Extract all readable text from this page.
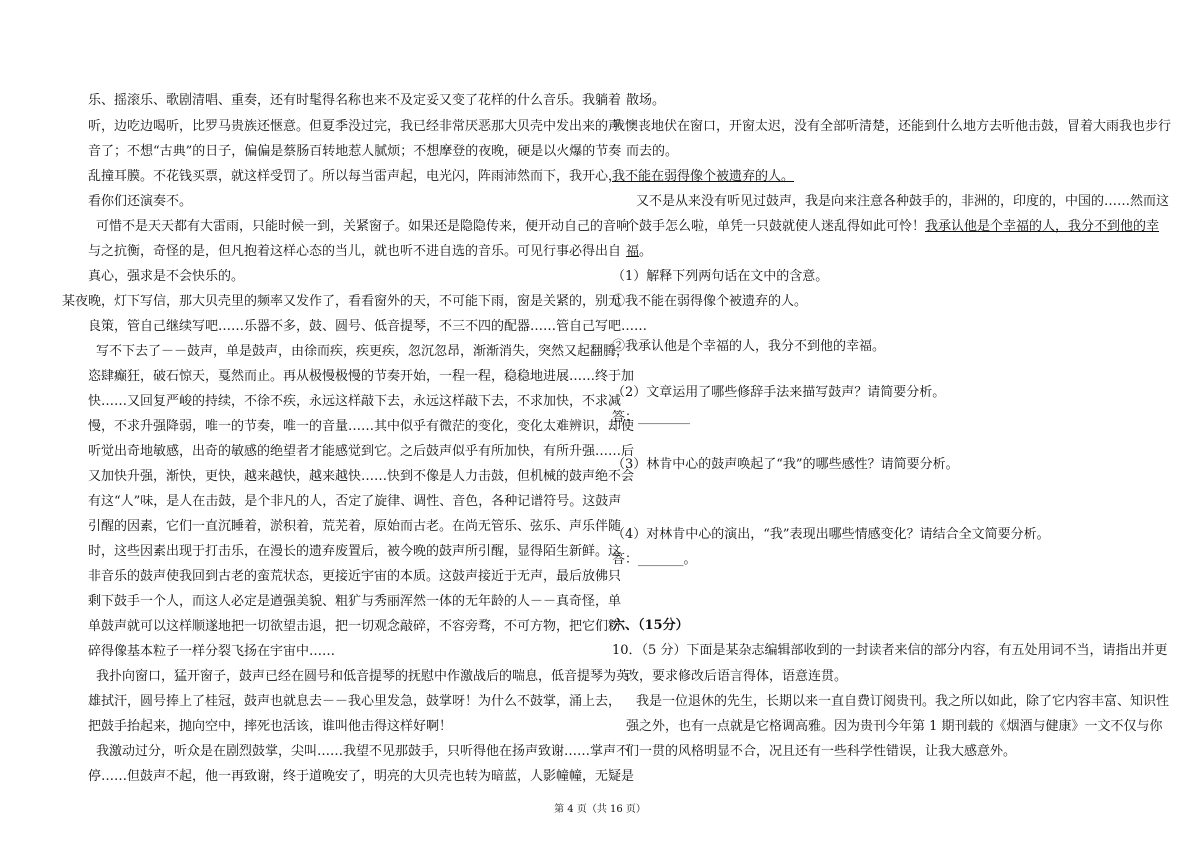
乐、摇滚乐、歌剧清唱、重奏，还有时髦得名称也来不及定妥又变了花样的什么音乐。我躺着
听，边吃边喝听，比罗马贵族还惬意。但夏季没过完，我已经非常厌恶那大贝壳中发出来的声
音了；不想“古典”的日子，偏偏是蔡肠百转地惹人腻烦；不想摩登的夜晚，硬是以火爆的节奏
乱撞耳膜。不花钱买票，就这样受罚了。所以每当雷声起，电光闪，阵雨沛然而下，我开心，
看你们还演奏不。
可惜不是天天都有大雷雨，只能时候一到，关紧窗子。如果还是隐隐传来，便开动自己的音响
与之抗衡，奇怪的是，但凡抱着这样心态的当儿，就也听不进自选的音乐。可见行事必得出自
真心，强求是不会快乐的。
某夜晚，灯下写信，那大贝壳里的频率又发作了，看看窗外的天，不可能下雨，窗是关紧的，别无
良策，管自己继续写吧……乐器不多，鼓、圆号、低音提琴，不三不四的配器……管自己写吧……
写不下去了－－鼓声，单是鼓声，由徐而疾，疾更疾，忽沉忽昂，渐渐消失，突然又起翻腾，
恣肆癫狂，破石惊天，戛然而止。再从极慢极慢的节奏开始，一程一程，稳稳地进展……终于加
快……又回复严峻的持续，不徐不疾，永远这样敲下去，永远这样敲下去，不求加快，不求减
慢，不求升强降弱，唯一的节奏，唯一的音量……其中似乎有微茫的变化，变化太难辨识，却使
听觉出奇地敏感，出奇的敏感的绝望者才能感觉到它。之后鼓声似乎有所加快，有所升强……后
又加快升强，渐快，更快，越来越快，越来越快……快到不像是人力击鼓，但机械的鼓声绝不会
有这“人”味，是人在击鼓，是个非凡的人，否定了旋律、调性、音色，各种记谱符号。这鼓声
引醒的因素，它们一直沉睡着，淤积着，荒芜着，原始而古老。在尚无管乐、弦乐、声乐伴随
时，这些因素出现于打击乐，在漫长的遗弃废置后，被今晚的鼓声所引醒，显得陌生新鲜。这
非音乐的鼓声使我回到古老的蛮荒状态，更接近宇宙的本质。这鼓声接近于无声，最后放佛只
剩下鼓手一个人，而这人必定是遒强美貌、粗犷与秀丽浑然一体的无年龄的人－－真奇怪，单
单鼓声就可以这样顺遂地把一切欲望击退，把一切观念敲碎，不容旁骛，不可方物，把它们粉
碎得像基本粒子一样分裂飞扬在宇宙中……
我扑向窗口，猛开窗子，鼓声已经在圆号和低音提琴的抚慰中作激战后的喘息，低音提琴为英
雄拭汗，圆号捧上了桂冠，鼓声也就息去－－我心里发急，鼓掌呀！为什么不鼓掌，涌上去，
把鼓手抬起来，抛向空中，摔死也活该，谁叫他击得这样好啊！
我激动过分，听众是在剧烈鼓掌，尖叫……我望不见那鼓手，只听得他在扬声致谢……掌声不
停……但鼓声不起，他一再致谢，终于道晚安了，明亮的大贝壳也转为暗蓝，人影幢幢，无疑是
散场。
我懊丧地伏在窗口，开窗太迟，没有全部听清楚，还能到什么地方去听他击鼓，冒着大雨我也步行
而去的。
我不能在弱得像个被遗弃的人。
又不是从来没有听见过鼓声，我是向来注意各种鼓手的，非洲的，印度的，中国的……然而这
个鼓手怎么啦，单凭一只鼓就使人迷乱得如此可怜！我承认他是个幸福的人，我分不到他的幸
福。
（1）解释下列两句话在文中的含意。
①我不能在弱得像个被遗弃的人。
②我承认他是个幸福的人，我分不到他的幸福。
（2）文章运用了哪些修辞手法来描写鼓声？请简要分析。
答：________
（3）林肯中心的鼓声唤起了“我”的哪些感性？请简要分析。
（4）对林肯中心的演出，“我”表现出哪些情感变化？请结合全文简要分析。
答：_______。
六、（15分）
10．（5 分）下面是某杂志编辑部收到的一封读者来信的部分内容，有五处用词不当，请指出并更
改，要求修改后语言得体，语意连贯。
我是一位退休的先生，长期以来一直自费订阅贵刊。我之所以如此，除了它内容丰富、知识性
强之外，也有一点就是它格调高雅。因为贵刊今年第 1 期刊载的《烟酒与健康》一文不仅与你
们一贯的风格明显不合，况且还有一些科学性错误，让我大感意外。
第 4 页（共 16 页）
